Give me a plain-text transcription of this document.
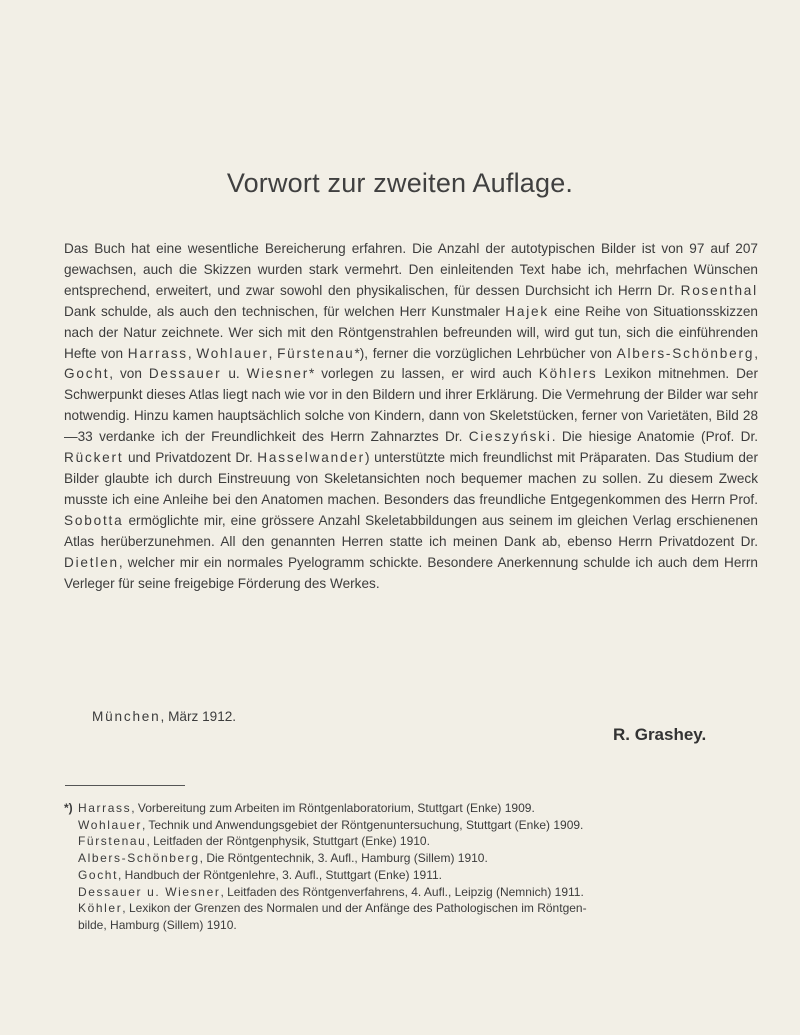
Vorwort zur zweiten Auflage.

Das Buch hat eine wesentliche Bereicherung erfahren. Die Anzahl der autotypischen Bilder ist von 97 auf 207 gewachsen, auch die Skizzen wurden stark vermehrt. Den einleitenden Text habe ich, mehrfachen Wünschen entsprechend, erweitert, und zwar sowohl den physikalischen, für dessen Durchsicht ich Herrn Dr. Rosenthal Dank schulde, als auch den technischen, für welchen Herr Kunstmaler Hajek eine Reihe von Situationsskizzen nach der Natur zeichnete. Wer sich mit den Röntgenstrahlen befreunden will, wird gut tun, sich die einführenden Hefte von Harrass, Wohlauer, Fürstenau*), ferner die vorzüglichen Lehrbücher von Albers-Schönberg, Gocht, von Dessauer u. Wiesner* vorlegen zu lassen, er wird auch Köhlers Lexikon mitnehmen. Der Schwerpunkt dieses Atlas liegt nach wie vor in den Bildern und ihrer Erklärung. Die Vermehrung der Bilder war sehr notwendig. Hinzu kamen hauptsächlich solche von Kindern, dann von Skeletstücken, ferner von Varietäten, Bild 28—33 verdanke ich der Freundlichkeit des Herrn Zahnarztes Dr. Cieszyński. Die hiesige Anatomie (Prof. Dr. Rückert und Privatdozent Dr. Hasselwander) unterstützte mich freundlichst mit Präparaten. Das Studium der Bilder glaubte ich durch Einstreuung von Skeletansichten noch bequemer machen zu sollen. Zu diesem Zweck musste ich eine Anleihe bei den Anatomen machen. Besonders das freundliche Entgegenkommen des Herrn Prof. Sobotta ermöglichte mir, eine grössere Anzahl Skeletabbildungen aus seinem im gleichen Verlag erschienenen Atlas herüberzunehmen. All den genannten Herren statte ich meinen Dank ab, ebenso Herrn Privatdozent Dr. Dietlen, welcher mir ein normales Pyelogramm schickte. Besondere Anerkennung schulde ich auch dem Herrn Verleger für seine freigebige Förderung des Werkes.

München, März 1912.
R. Grashey.
*) Harrass, Vorbereitung zum Arbeiten im Röntgenlaboratorium, Stuttgart (Enke) 1909.
Wohlauer, Technik und Anwendungsgebiet der Röntgenuntersuchung, Stuttgart (Enke) 1909.
Fürstenau, Leitfaden der Röntgenphysik, Stuttgart (Enke) 1910.
Albers-Schönberg, Die Röntgentechnik, 3. Aufl., Hamburg (Sillem) 1910.
Gocht, Handbuch der Röntgenlehre, 3. Aufl., Stuttgart (Enke) 1911.
Dessauer u. Wiesner, Leitfaden des Röntgenverfahrens, 4. Aufl., Leipzig (Nemnich) 1911.
Köhler, Lexikon der Grenzen des Normalen und der Anfänge des Pathologischen im Röntgen-
bilde, Hamburg (Sillem) 1910.
